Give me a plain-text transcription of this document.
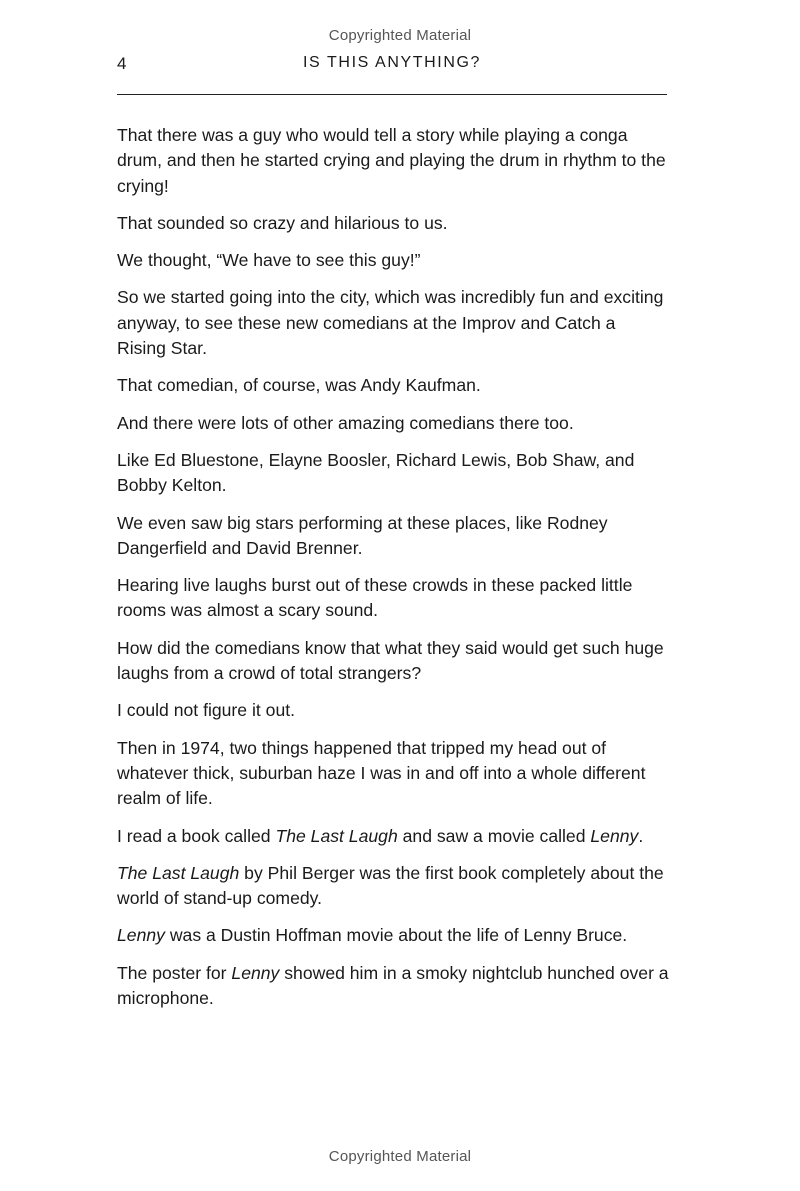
Copyrighted Material
4	IS THIS ANYTHING?

That there was a guy who would tell a story while playing a conga drum, and then he started crying and playing the drum in rhythm to the crying!

That sounded so crazy and hilarious to us.

We thought, “We have to see this guy!”

So we started going into the city, which was incredibly fun and exciting anyway, to see these new comedians at the Improv and Catch a Rising Star.

That comedian, of course, was Andy Kaufman.

And there were lots of other amazing comedians there too.

Like Ed Bluestone, Elayne Boosler, Richard Lewis, Bob Shaw, and Bobby Kelton.

We even saw big stars performing at these places, like Rodney Dangerfield and David Brenner.

Hearing live laughs burst out of these crowds in these packed little rooms was almost a scary sound.

How did the comedians know that what they said would get such huge laughs from a crowd of total strangers?

I could not figure it out.

Then in 1974, two things happened that tripped my head out of whatever thick, suburban haze I was in and off into a whole different realm of life.

I read a book called The Last Laugh and saw a movie called Lenny.

The Last Laugh by Phil Berger was the first book completely about the world of stand-up comedy.

Lenny was a Dustin Hoffman movie about the life of Lenny Bruce.

The poster for Lenny showed him in a smoky nightclub hunched over a microphone.

Copyrighted Material
